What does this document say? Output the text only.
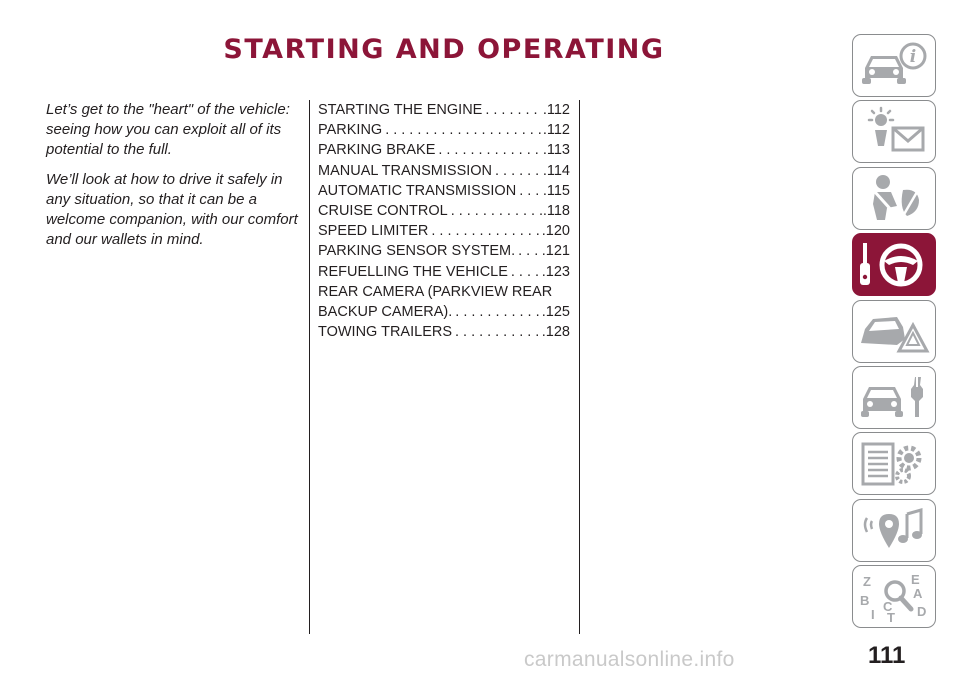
STARTING AND OPERATING

Let’s get to the "heart" of the vehicle: seeing how you can exploit all of its potential to the full.

We’ll look at how to drive it safely in any situation, so that it can be a welcome companion, with our comfort and our wallets in mind.

STARTING THE ENGINE .....	.112
PARKING .....	.112
PARKING BRAKE .....	.113
MANUAL TRANSMISSION .....	.114
AUTOMATIC TRANSMISSION ..... .115
CRUISE CONTROL .....	.118
SPEED LIMITER .....	.120
PARKING SENSOR SYSTEM. ..... .121
REFUELLING THE VEHICLE ..... .123
REAR CAMERA (PARKVIEW REAR
BACKUP CAMERA). .....	.125
TOWING TRAILERS .....	.128
i
Z	E
A
B C D
I T
carmanualsonline.info	111
